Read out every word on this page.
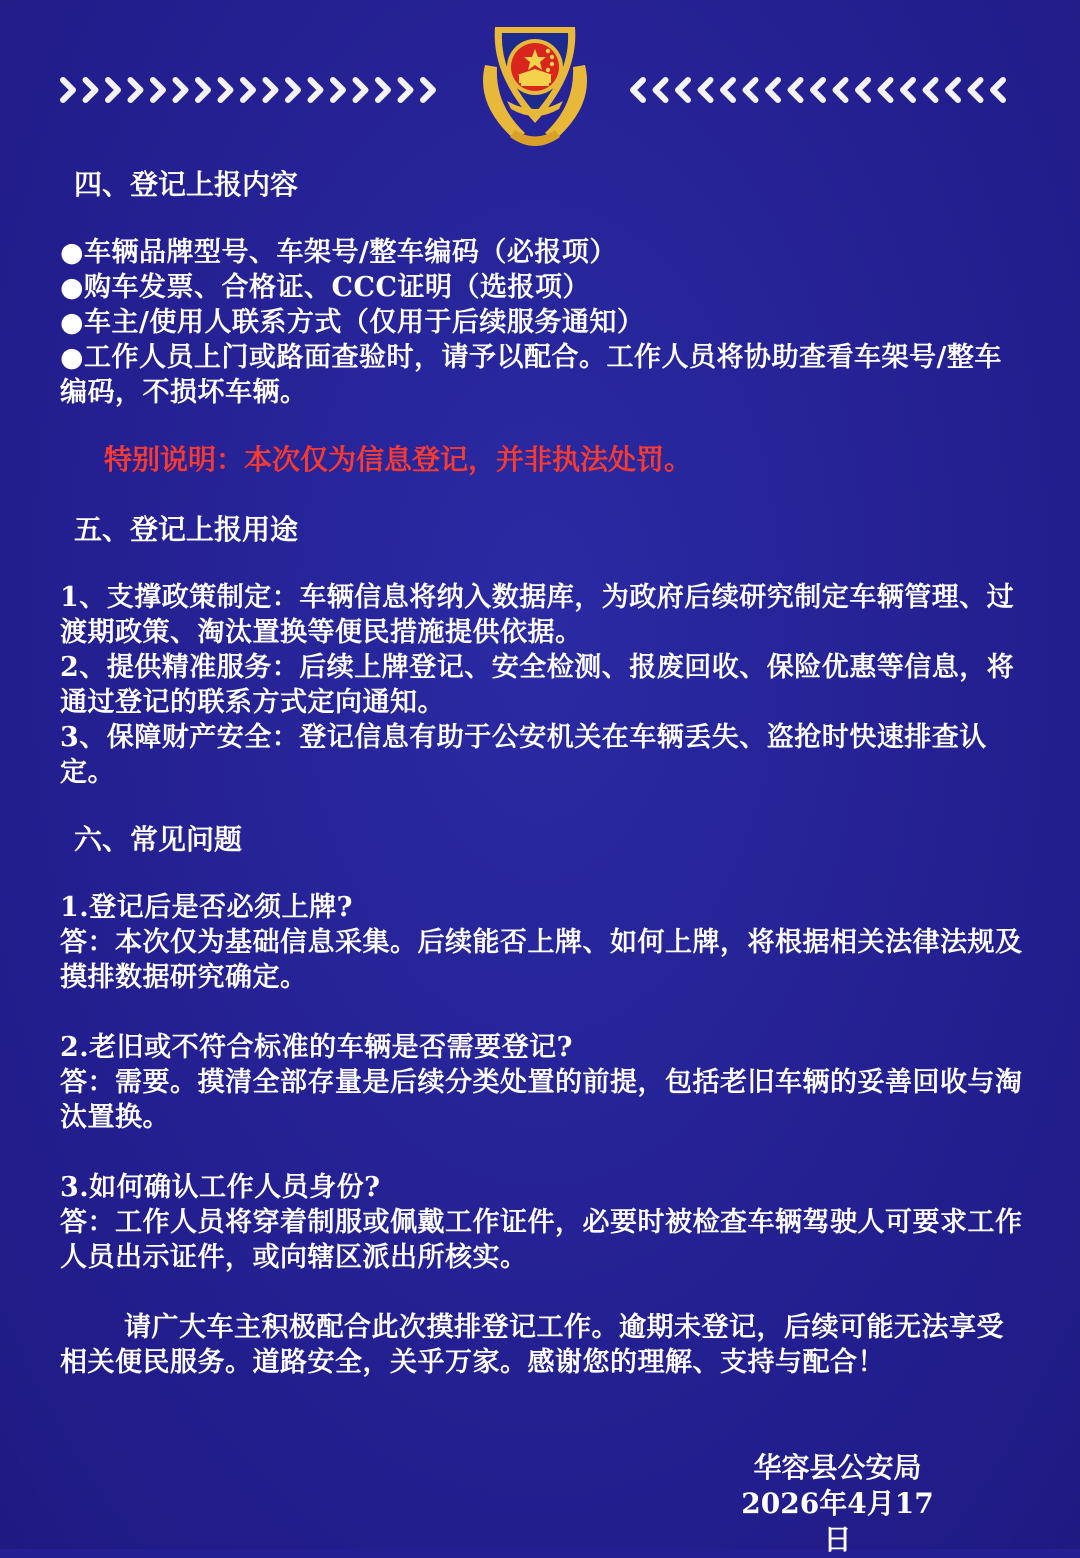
四、登记上报内容

●车辆品牌型号、车架号/整车编码（必报项）

●购车发票、合格证、CCC证明（选报项）

●车主/使用人联系方式（仅用于后续服务通知）

●工作人员上门或路面查验时，请予以配合。工作人员将协助查看车架号/整车编码，不损坏车辆。

特别说明：本次仅为信息登记，并非执法处罚。

五、登记上报用途

1、支撑政策制定：车辆信息将纳入数据库，为政府后续研究制定车辆管理、过渡期政策、淘汰置换等便民措施提供依据。

2、提供精准服务：后续上牌登记、安全检测、报废回收、保险优惠等信息，将通过登记的联系方式定向通知。

3、保障财产安全：登记信息有助于公安机关在车辆丢失、盗抢时快速排查认定。

六、常见问题

1.登记后是否必须上牌?

答：本次仅为基础信息采集。后续能否上牌、如何上牌，将根据相关法律法规及摸排数据研究确定。

2.老旧或不符合标准的车辆是否需要登记?

答：需要。摸清全部存量是后续分类处置的前提，包括老旧车辆的妥善回收与淘汰置换。

3.如何确认工作人员身份?

答：工作人员将穿着制服或佩戴工作证件，必要时被检查车辆驾驶人可要求工作人员出示证件，或向辖区派出所核实。

请广大车主积极配合此次摸排登记工作。逾期未登记，后续可能无法享受相关便民服务。道路安全，关乎万家。感谢您的理解、支持与配合！

华容县公安局
2026年4月17日
